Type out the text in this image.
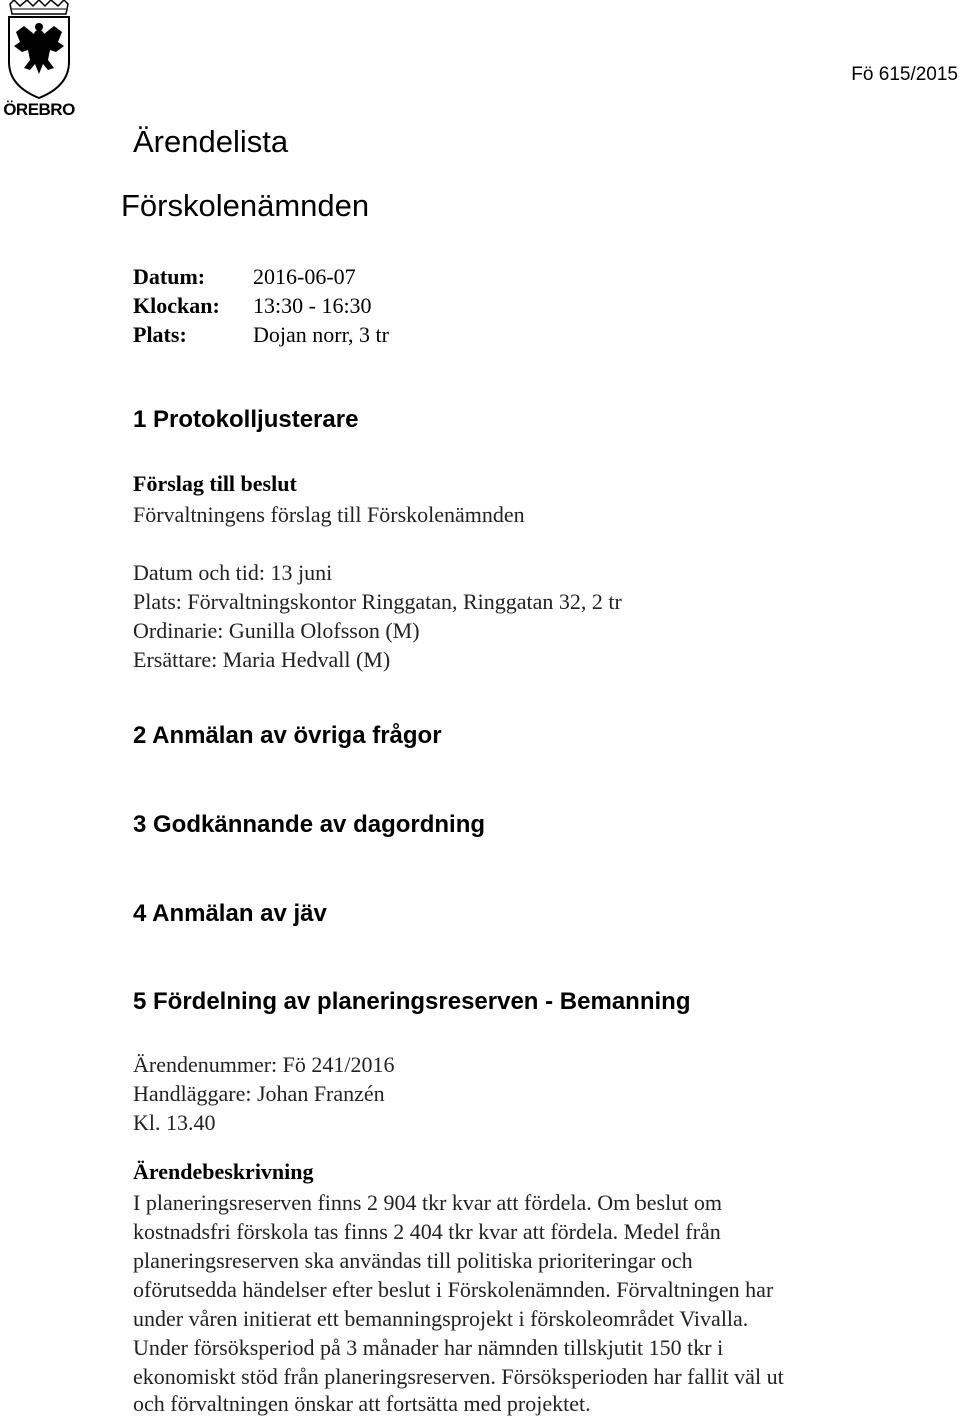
ÖREBRO
Fö 615/2015
Ärendelista
Förskolenämnden
Datum: 2016-06-07
Klockan: 13:30 - 16:30
Plats:	Dojan norr, 3 tr
1 Protokolljusterare
Förslag till beslut
Förvaltningens förslag till Förskolenämnden
Datum och tid: 13 juni
Plats: Förvaltningskontor Ringgatan, Ringgatan 32, 2 tr
Ordinarie: Gunilla Olofsson (M)
Ersättare: Maria Hedvall (M)
2 Anmälan av övriga frågor
3 Godkännande av dagordning
4 Anmälan av jäv
5 Fördelning av planeringsreserven - Bemanning
Ärendenummer: Fö 241/2016
Handläggare: Johan Franzén
Kl. 13.40
Ärendebeskrivning
I planeringsreserven finns 2 904 tkr kvar att fördela. Om beslut om
kostnadsfri förskola tas finns 2 404 tkr kvar att fördela. Medel från
planeringsreserven ska användas till politiska prioriteringar och
oförutsedda händelser efter beslut i Förskolenämnden. Förvaltningen har
under våren initierat ett bemanningsprojekt i förskoleområdet Vivalla.
Under försöksperiod på 3 månader har nämnden tillskjutit 150 tkr i
ekonomiskt stöd från planeringsreserven. Försöksperioden har fallit väl ut
och förvaltningen önskar att fortsätta med projektet.
